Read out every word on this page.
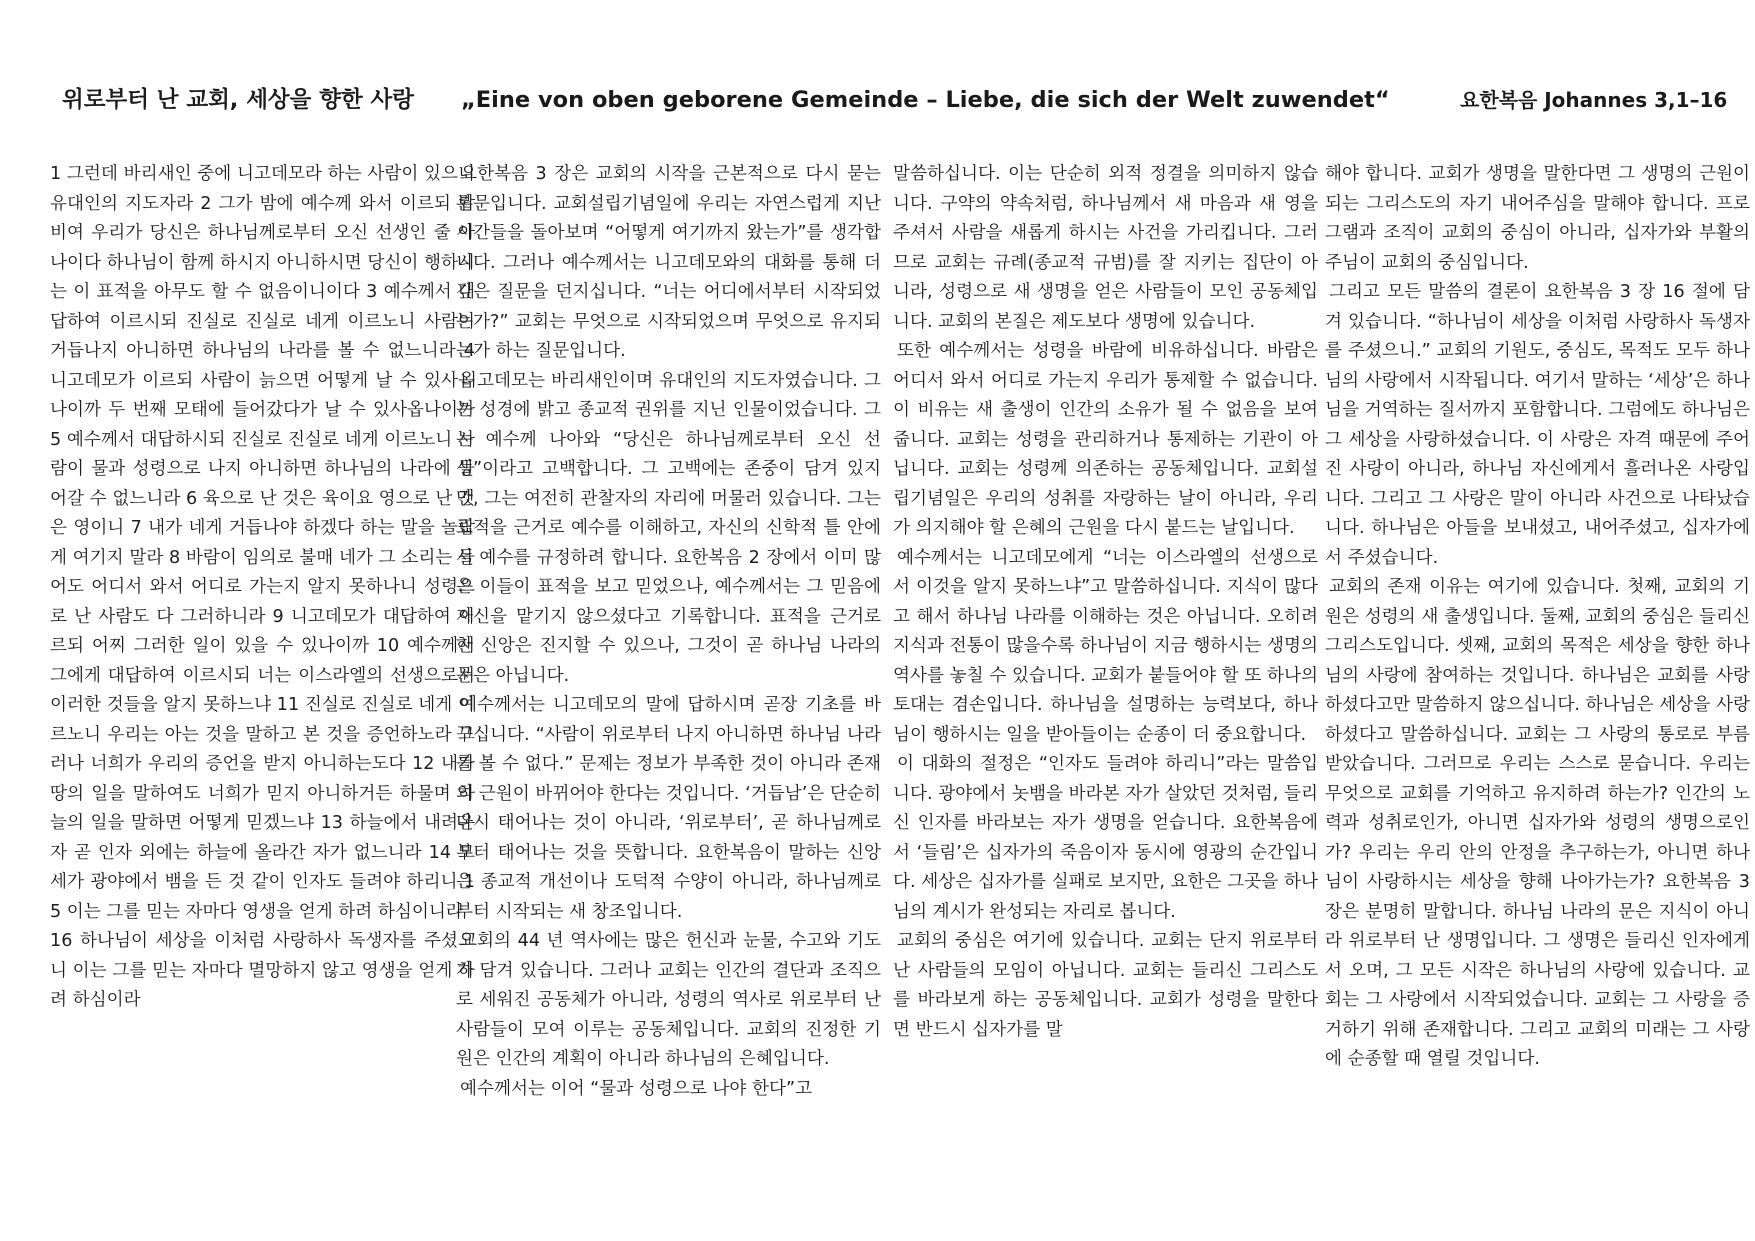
위로부터 난 교회, 세상을 향한 사랑 „Eine von oben geborene Gemeinde – Liebe, die sich der Welt zuwendet“	요한복음 Johannes 3,1–16

1 그런데 바리새인 중에 니고데모라 하는 사람이 있으니 유대인의 지도자라 2 그가 밤에 예수께 와서 이르되 랍비여 우리가 당신은 하나님께로부터 오신 선생인 줄 아나이다 하나님이 함께 하시지 아니하시면 당신이 행하시는 이 표적을 아무도 할 수 없음이니이다 3 예수께서 대답하여 이르시되 진실로 진실로 네게 이르노니 사람이 거듭나지 아니하면 하나님의 나라를 볼 수 없느니라 4 니고데모가 이르되 사람이 늙으면 어떻게 날 수 있사옵나이까 두 번째 모태에 들어갔다가 날 수 있사옵나이까 5 예수께서 대답하시되 진실로 진실로 네게 이르노니 사람이 물과 성령으로 나지 아니하면 하나님의 나라에 들어갈 수 없느니라 6 육으로 난 것은 육이요 영으로 난 것은 영이니 7 내가 네게 거듭나야 하겠다 하는 말을 놀랍게 여기지 말라 8 바람이 임의로 불매 네가 그 소리는 들어도 어디서 와서 어디로 가는지 알지 못하나니 성령으로 난 사람도 다 그러하니라 9 니고데모가 대답하여 이르되 어찌 그러한 일이 있을 수 있나이까 10 예수께서 그에게 대답하여 이르시되 너는 이스라엘의 선생으로서 이러한 것들을 알지 못하느냐 11 진실로 진실로 네게 이르노니 우리는 아는 것을 말하고 본 것을 증언하노라 그러나 너희가 우리의 증언을 받지 아니하는도다 12 내가 땅의 일을 말하여도 너희가 믿지 아니하거든 하물며 하늘의 일을 말하면 어떻게 믿겠느냐 13 하늘에서 내려온 자 곧 인자 외에는 하늘에 올라간 자가 없느니라 14 모세가 광야에서 뱀을 든 것 같이 인자도 들려야 하리니 15 이는 그를 믿는 자마다 영생을 얻게 하려 하심이니라

16 하나님이 세상을 이처럼 사랑하사 독생자를 주셨으니 이는 그를 믿는 자마다 멸망하지 않고 영생을 얻게 하려 하심이라

요한복음 3 장은 교회의 시작을 근본적으로 다시 묻는 본문입니다. 교회설립기념일에 우리는 자연스럽게 지난 시간들을 돌아보며 “어떻게 여기까지 왔는가”를 생각합니다. 그러나 예수께서는 니고데모와의 대화를 통해 더 깊은 질문을 던지십니다. “너는 어디에서부터 시작되었는가?” 교회는 무엇으로 시작되었으며 무엇으로 유지되는가 하는 질문입니다.

니고데모는 바리새인이며 유대인의 지도자였습니다. 그는 성경에 밝고 종교적 권위를 지닌 인물이었습니다. 그는 예수께 나아와 “당신은 하나님께로부터 오신 선생”이라고 고백합니다. 그 고백에는 존중이 담겨 있지만, 그는 여전히 관찰자의 자리에 머물러 있습니다. 그는 표적을 근거로 예수를 이해하고, 자신의 신학적 틀 안에서 예수를 규정하려 합니다. 요한복음 2 장에서 이미 많은 이들이 표적을 보고 믿었으나, 예수께서는 그 믿음에 자신을 맡기지 않으셨다고 기록합니다. 표적을 근거로 한 신앙은 진지할 수 있으나, 그것이 곧 하나님 나라의 문은 아닙니다.

예수께서는 니고데모의 말에 답하시며 곧장 기초를 바꾸십니다. “사람이 위로부터 나지 아니하면 하나님 나라를 볼 수 없다.” 문제는 정보가 부족한 것이 아니라 존재의 근원이 바뀌어야 한다는 것입니다. ‘거듭남’은 단순히 다시 태어나는 것이 아니라, ‘위로부터’, 곧 하나님께로부터 태어나는 것을 뜻합니다. 요한복음이 말하는 신앙은 종교적 개선이나 도덕적 수양이 아니라, 하나님께로부터 시작되는 새 창조입니다.

교회의 44 년 역사에는 많은 헌신과 눈물, 수고와 기도가 담겨 있습니다. 그러나 교회는 인간의 결단과 조직으로 세워진 공동체가 아니라, 성령의 역사로 위로부터 난 사람들이 모여 이루는 공동체입니다. 교회의 진정한 기원은 인간의 계획이 아니라 하나님의 은혜입니다.

예수께서는 이어 “물과 성령으로 나야 한다”고

말씀하십니다. 이는 단순히 외적 정결을 의미하지 않습니다. 구약의 약속처럼, 하나님께서 새 마음과 새 영을 주셔서 사람을 새롭게 하시는 사건을 가리킵니다. 그러므로 교회는 규례(종교적 규범)를 잘 지키는 집단이 아니라, 성령으로 새 생명을 얻은 사람들이 모인 공동체입니다. 교회의 본질은 제도보다 생명에 있습니다.

또한 예수께서는 성령을 바람에 비유하십니다. 바람은 어디서 와서 어디로 가는지 우리가 통제할 수 없습니다. 이 비유는 새 출생이 인간의 소유가 될 수 없음을 보여 줍니다. 교회는 성령을 관리하거나 통제하는 기관이 아닙니다. 교회는 성령께 의존하는 공동체입니다. 교회설립기념일은 우리의 성취를 자랑하는 날이 아니라, 우리가 의지해야 할 은혜의 근원을 다시 붙드는 날입니다.

예수께서는 니고데모에게 “너는 이스라엘의 선생으로서 이것을 알지 못하느냐”고 말씀하십니다. 지식이 많다고 해서 하나님 나라를 이해하는 것은 아닙니다. 오히려 지식과 전통이 많을수록 하나님이 지금 행하시는 생명의 역사를 놓칠 수 있습니다. 교회가 붙들어야 할 또 하나의 토대는 겸손입니다. 하나님을 설명하는 능력보다, 하나님이 행하시는 일을 받아들이는 순종이 더 중요합니다.

이 대화의 절정은 “인자도 들려야 하리니”라는 말씀입니다. 광야에서 놋뱀을 바라본 자가 살았던 것처럼, 들리신 인자를 바라보는 자가 생명을 얻습니다. 요한복음에서 ‘들림’은 십자가의 죽음이자 동시에 영광의 순간입니다. 세상은 십자가를 실패로 보지만, 요한은 그곳을 하나님의 계시가 완성되는 자리로 봅니다.

교회의 중심은 여기에 있습니다. 교회는 단지 위로부터 난 사람들의 모임이 아닙니다. 교회는 들리신 그리스도를 바라보게 하는 공동체입니다. 교회가 성령을 말한다면 반드시 십자가를 말

해야 합니다. 교회가 생명을 말한다면 그 생명의 근원이 되는 그리스도의 자기 내어주심을 말해야 합니다. 프로그램과 조직이 교회의 중심이 아니라, 십자가와 부활의 주님이 교회의 중심입니다.

그리고 모든 말씀의 결론이 요한복음 3 장 16 절에 담겨 있습니다. “하나님이 세상을 이처럼 사랑하사 독생자를 주셨으니.” 교회의 기원도, 중심도, 목적도 모두 하나님의 사랑에서 시작됩니다. 여기서 말하는 ‘세상’은 하나님을 거역하는 질서까지 포함합니다. 그럼에도 하나님은 그 세상을 사랑하셨습니다. 이 사랑은 자격 때문에 주어진 사랑이 아니라, 하나님 자신에게서 흘러나온 사랑입니다. 그리고 그 사랑은 말이 아니라 사건으로 나타났습니다. 하나님은 아들을 보내셨고, 내어주셨고, 십자가에서 주셨습니다.

교회의 존재 이유는 여기에 있습니다. 첫째, 교회의 기원은 성령의 새 출생입니다. 둘째, 교회의 중심은 들리신 그리스도입니다. 셋째, 교회의 목적은 세상을 향한 하나님의 사랑에 참여하는 것입니다. 하나님은 교회를 사랑하셨다고만 말씀하지 않으십니다. 하나님은 세상을 사랑하셨다고 말씀하십니다. 교회는 그 사랑의 통로로 부름받았습니다. 그러므로 우리는 스스로 묻습니다. 우리는 무엇으로 교회를 기억하고 유지하려 하는가? 인간의 노력과 성취로인가, 아니면 십자가와 성령의 생명으로인가? 우리는 우리 안의 안정을 추구하는가, 아니면 하나님이 사랑하시는 세상을 향해 나아가는가? 요한복음 3 장은 분명히 말합니다. 하나님 나라의 문은 지식이 아니라 위로부터 난 생명입니다. 그 생명은 들리신 인자에게서 오며, 그 모든 시작은 하나님의 사랑에 있습니다. 교회는 그 사랑에서 시작되었습니다. 교회는 그 사랑을 증거하기 위해 존재합니다. 그리고 교회의 미래는 그 사랑에 순종할 때 열릴 것입니다.
